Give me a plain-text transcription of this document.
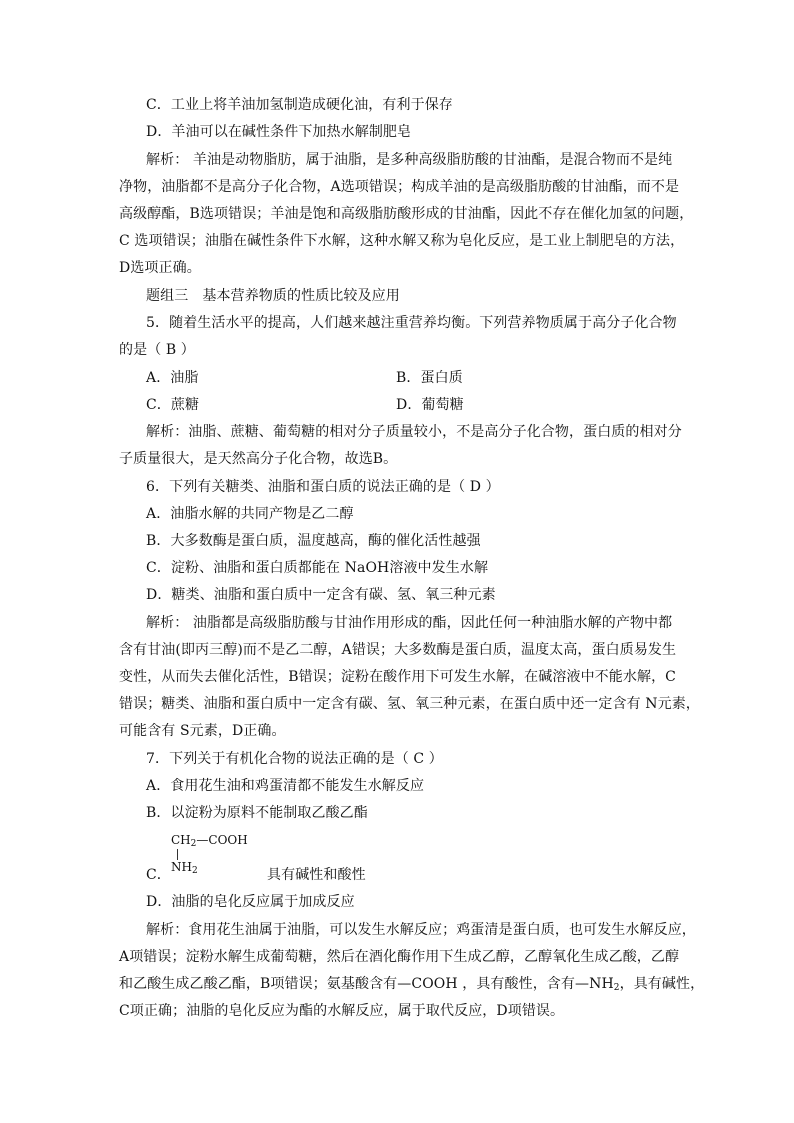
C．工业上将羊油加氢制造成硬化油，有利于保存
D．羊油可以在碱性条件下加热水解制肥皂
解析： 羊油是动物脂肪，属于油脂，是多种高级脂肪酸的甘油酯，是混合物而不是纯
净物，油脂都不是高分子化合物，A选项错误；构成羊油的是高级脂肪酸的甘油酯，而不是
高级醇酯，B选项错误；羊油是饱和高级脂肪酸形成的甘油酯，因此不存在催化加氢的问题，
C 选项错误；油脂在碱性条件下水解，这种水解又称为皂化反应，是工业上制肥皂的方法，
D选项正确。
题组三　基本营养物质的性质比较及应用
5．随着生活水平的提高，人们越来越注重营养均衡。下列营养物质属于高分子化合物
的是（ B ）
A．油脂	B．蛋白质
C．蔗糖	D．葡萄糖
解析：油脂、蔗糖、葡萄糖的相对分子质量较小，不是高分子化合物，蛋白质的相对分
子质量很大，是天然高分子化合物，故选B。
6．下列有关糖类、油脂和蛋白质的说法正确的是（ D ）
A．油脂水解的共同产物是乙二醇
B．大多数酶是蛋白质，温度越高，酶的催化活性越强
C．淀粉、油脂和蛋白质都能在 NaOH溶液中发生水解
D．糖类、油脂和蛋白质中一定含有碳、氢、氧三种元素
解析： 油脂都是高级脂肪酸与甘油作用形成的酯，因此任何一种油脂水解的产物中都
含有甘油(即丙三醇)而不是乙二醇，A错误；大多数酶是蛋白质，温度太高，蛋白质易发生
变性，从而失去催化活性，B错误；淀粉在酸作用下可发生水解，在碱溶液中不能水解，C
错误；糖类、油脂和蛋白质中一定含有碳、氢、氧三种元素，在蛋白质中还一定含有 N元素，
可能含有 S元素，D正确。
7．下列关于有机化合物的说法正确的是（ C ）
A．食用花生油和鸡蛋清都不能发生水解反应
B．以淀粉为原料不能制取乙酸乙酯
$CH_2—COOH$
$NH_2$
C．	具有碱性和酸性
D．油脂的皂化反应属于加成反应
解析：食用花生油属于油脂，可以发生水解反应；鸡蛋清是蛋白质，也可发生水解反应，
A项错误；淀粉水解生成葡萄糖，然后在酒化酶作用下生成乙醇，乙醇氧化生成乙酸，乙醇
和乙酸生成乙酸乙酯，B项错误；氨基酸含有—COOH ，具有酸性，含有$—NH_2$，具有碱性，
C项正确；油脂的皂化反应为酯的水解反应，属于取代反应，D项错误。
